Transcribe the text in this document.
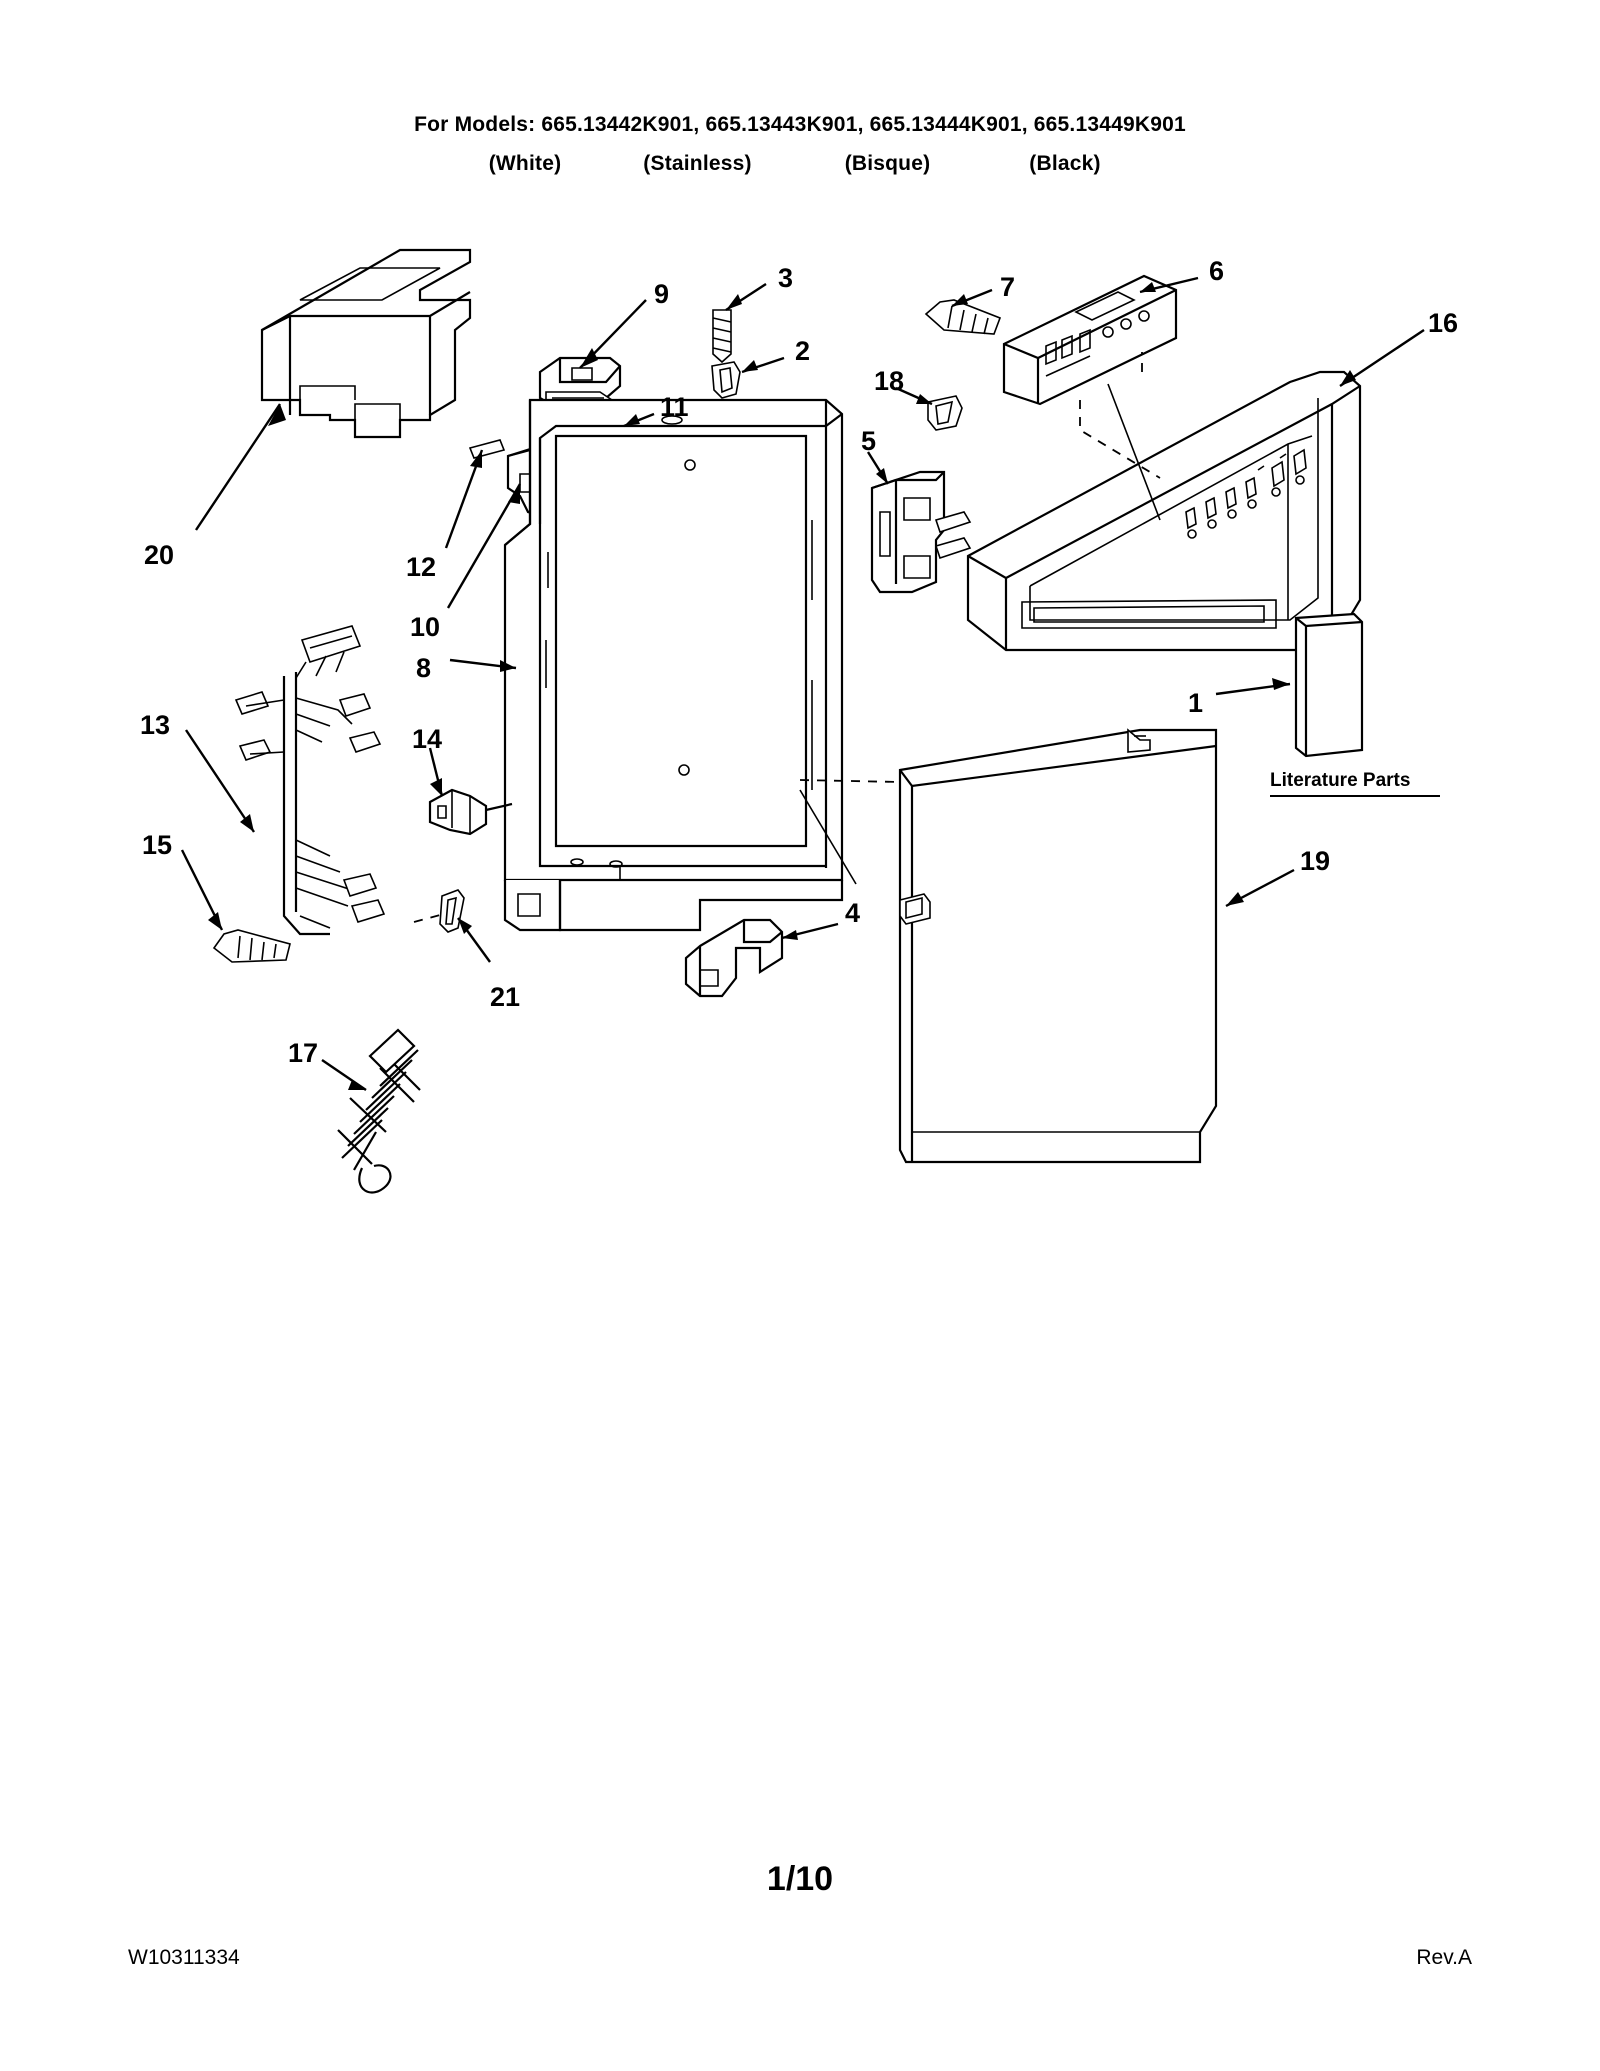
For Models: 665.13442K901, 665.13443K901, 665.13444K901, 665.13449K901
(White)	(Stainless)	(Bisque)	(Black)
1
2
3
4
5
6
7
8
9
10
11
12
13	14
15
16
17
18
19
20
21
Literature Parts
1/10
W10311334	Rev.A
